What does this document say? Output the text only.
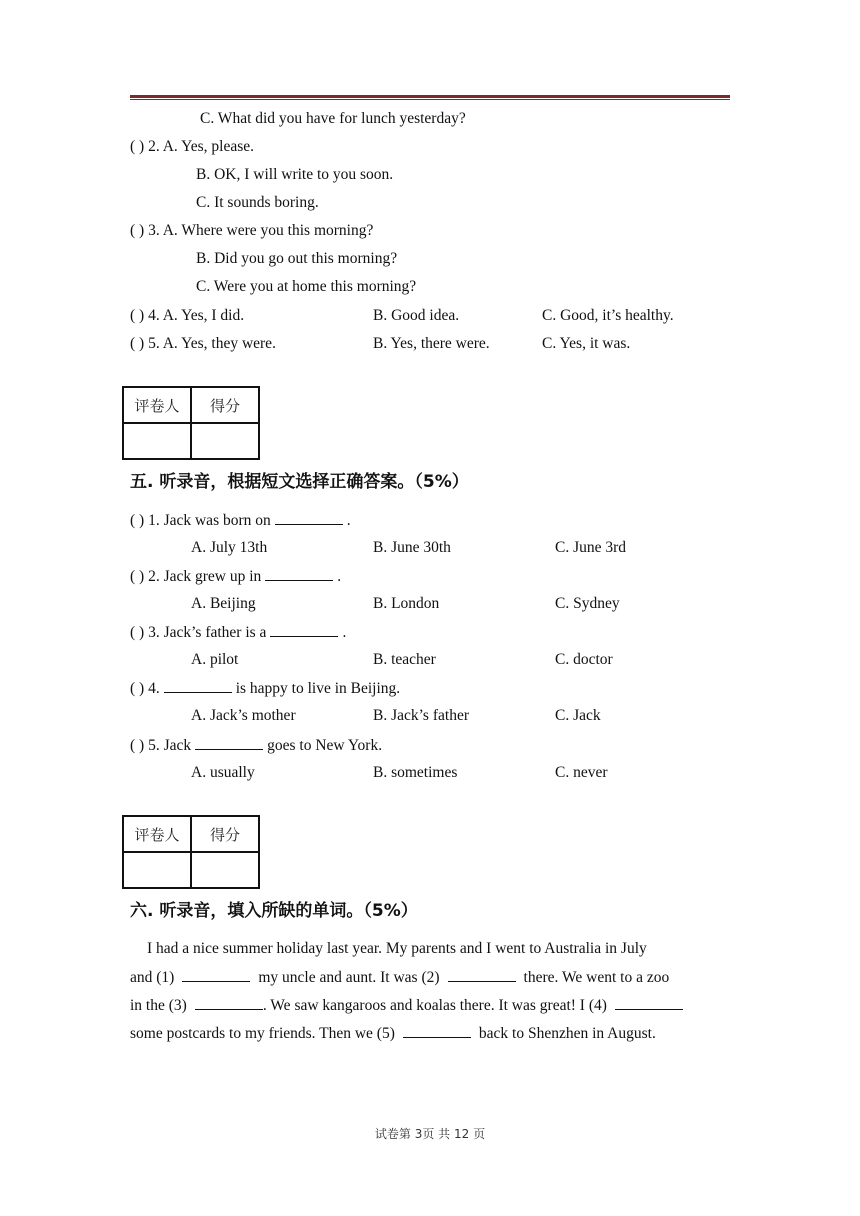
C. What did you have for lunch yesterday?
( ) 2. A. Yes, please.
B. OK, I will write to you soon.
C. It sounds boring.
( ) 3. A. Where were you this morning?
B. Did you go out this morning?
C. Were you at home this morning?
( ) 4. A. Yes, I did.	B. Good idea.	C. Good, it’s healthy.
( ) 5. A. Yes, they were.	B. Yes, there were.	C. Yes, it was.
评卷人	得分

五. 听录音，根据短文选择正确答案。（5%）
( ) 1. Jack was born on	.
A. July 13th	B. June 30th	C. June 3rd
( ) 2. Jack grew up in	.
A. Beijing	B. London	C. Sydney
( ) 3. Jack’s father is a	.
A. pilot	B. teacher	C. doctor
( ) 4.	is happy to live in Beijing.
A. Jack’s mother	B. Jack’s father	C. Jack
( ) 5. Jack	goes to New York.
A. usually	B. sometimes	C. never
评卷人	得分

六. 听录音，填入所缺的单词。（5%）
I had a nice summer holiday last year. My parents and I went to Australia in July
and (1)	my uncle and aunt. It was (2)	there. We went to a zoo
in the (3)	. We saw kangaroos and koalas there. It was great! I (4)
some postcards to my friends. Then we (5)	back to Shenzhen in August.
试卷第 3页 共 12 页
